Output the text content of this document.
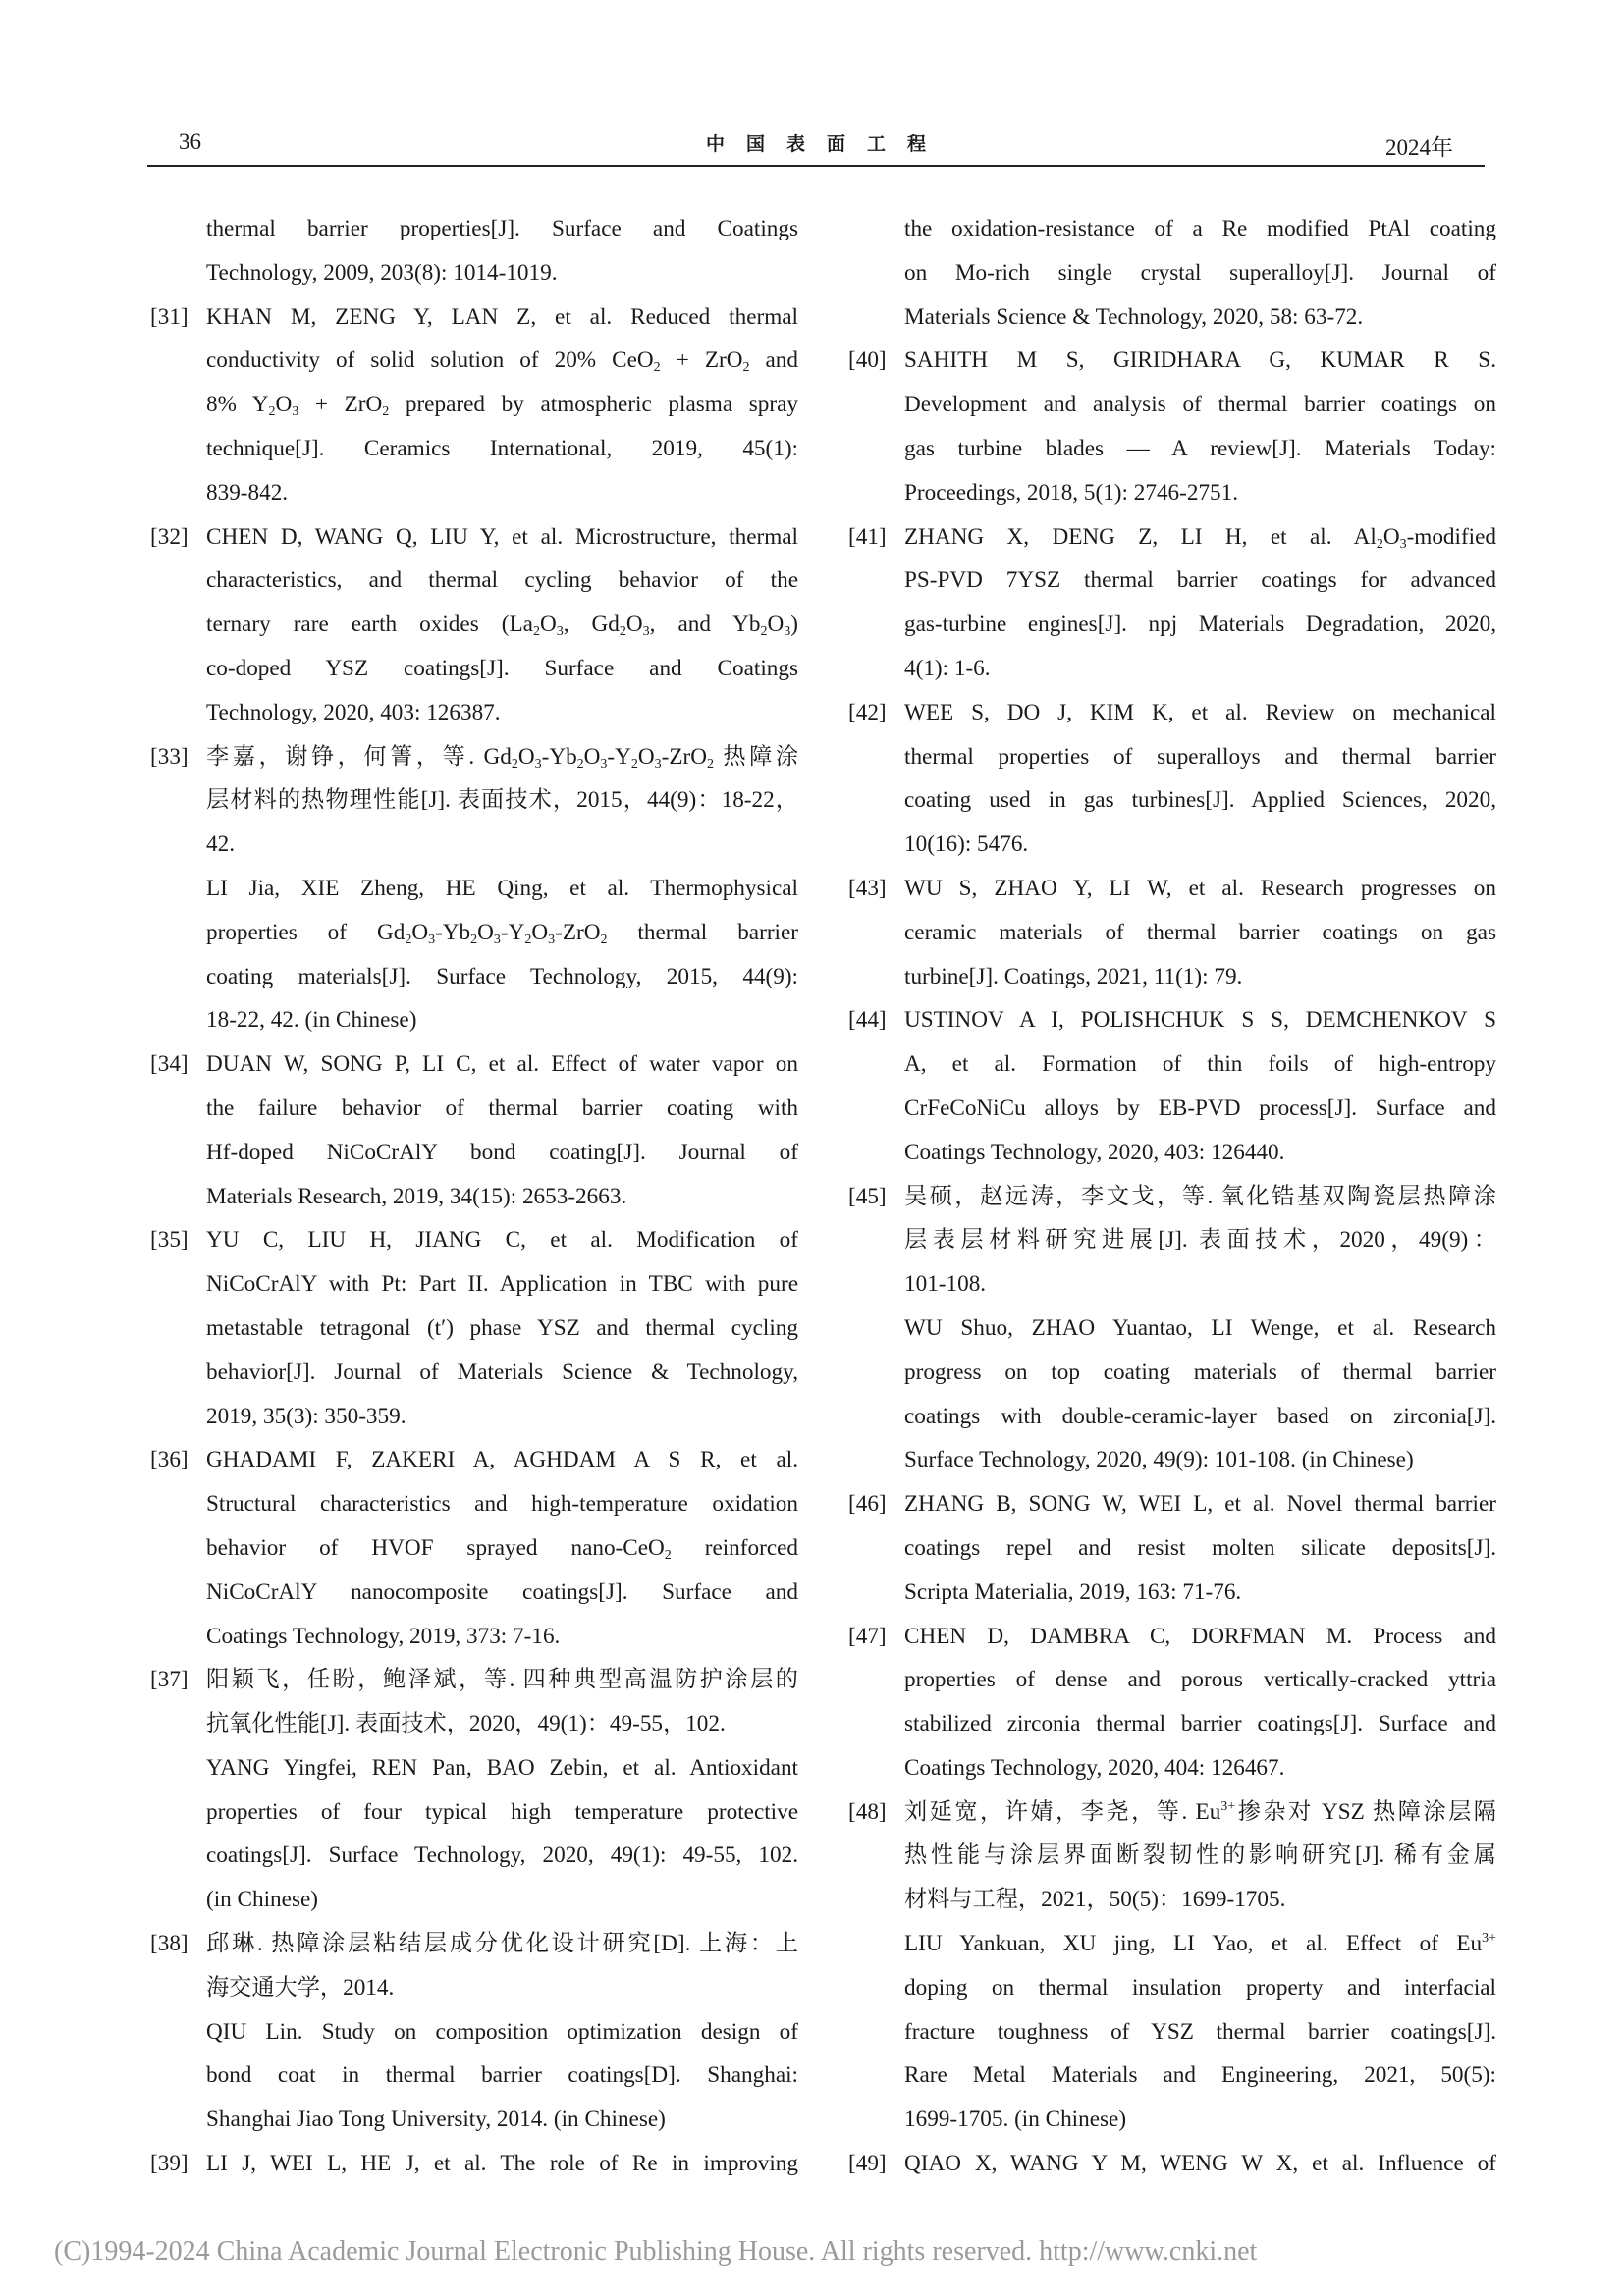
36	中国表面工程	2024年
thermal barrier properties[J]. Surface and Coatings
Technology, 2009, 203(8): 1014-1019.
[31] KHAN M, ZENG Y, LAN Z, et al. Reduced thermal
conductivity of solid solution of 20% CeO$_2$ + ZrO$_2$ and
8% $Y_2O_3 + ZrO_2$ prepared by atmospheric plasma spray
technique[J]. Ceramics International, 2019, 45(1):
839-842.
[32] CHEN D, WANG Q, LIU Y, et al. Microstructure, thermal
characteristics, and thermal cycling behavior of the
ternary rare earth oxides ($La_2O_3$, $Gd_2O_3$, and $Yb_2O_3$)
co-doped YSZ coatings[J]. Surface and Coatings
Technology, 2020, 403: 126387.
[33] 李嘉，谢铮，何箐，等. $Gd_2O_3-Yb_2O_3-Y_2O_3-ZrO_2$ 热障涂
层材料的热物理性能[J]. 表面技术，2015，44(9)：18-22，
42.
LI Jia, XIE Zheng, HE Qing, et al. Thermophysical
properties of $Gd_2O_3-Yb_2O_3-Y_2O_3-ZrO_2$ thermal barrier
coating materials[J]. Surface Technology, 2015, 44(9):
18-22, 42. (in Chinese)
[34] DUAN W, SONG P, LI C, et al. Effect of water vapor on
the failure behavior of thermal barrier coating with
Hf-doped NiCoCrAlY bond coating[J]. Journal of
Materials Research, 2019, 34(15): 2653-2663.
[35] YU C, LIU H, JIANG C, et al. Modification of
NiCoCrAlY with Pt: Part II. Application in TBC with pure
metastable tetragonal (t′) phase YSZ and thermal cycling
behavior[J]. Journal of Materials Science & Technology,
2019, 35(3): 350-359.
[36] GHADAMI F, ZAKERI A, AGHDAM A S R, et al.
Structural characteristics and high-temperature oxidation
behavior of HVOF sprayed nano-CeO$_2$ reinforced
NiCoCrAlY nanocomposite coatings[J]. Surface and
Coatings Technology, 2019, 373: 7-16.
[37] 阳颖飞，任盼，鲍泽斌，等. 四种典型高温防护涂层的
抗氧化性能[J]. 表面技术，2020，49(1)：49-55，102.
YANG Yingfei, REN Pan, BAO Zebin, et al. Antioxidant
properties of four typical high temperature protective
coatings[J]. Surface Technology, 2020, 49(1): 49-55, 102.
(in Chinese)
[38] 邱琳. 热障涂层粘结层成分优化设计研究[D]. 上海：上
海交通大学，2014.
QIU Lin. Study on composition optimization design of
bond coat in thermal barrier coatings[D]. Shanghai:
Shanghai Jiao Tong University, 2014. (in Chinese)
[39] LI J, WEI L, HE J, et al. The role of Re in improving
the oxidation-resistance of a Re modified PtAl coating
on Mo-rich single crystal superalloy[J]. Journal of
Materials Science & Technology, 2020, 58: 63-72.
[40] SAHITH M S, GIRIDHARA G, KUMAR R S.
Development and analysis of thermal barrier coatings on
gas turbine blades — A review[J]. Materials Today:
Proceedings, 2018, 5(1): 2746-2751.
[41] ZHANG X, DENG Z, LI H, et al. $Al_2O_3$-modified
PS-PVD 7YSZ thermal barrier coatings for advanced
gas-turbine engines[J]. npj Materials Degradation, 2020,
4(1): 1-6.
[42] WEE S, DO J, KIM K, et al. Review on mechanical
thermal properties of superalloys and thermal barrier
coating used in gas turbines[J]. Applied Sciences, 2020,
10(16): 5476.
[43] WU S, ZHAO Y, LI W, et al. Research progresses on
ceramic materials of thermal barrier coatings on gas
turbine[J]. Coatings, 2021, 11(1): 79.
[44] USTINOV A I, POLISHCHUK S S, DEMCHENKOV S
A, et al. Formation of thin foils of high-entropy
CrFeCoNiCu alloys by EB-PVD process[J]. Surface and
Coatings Technology, 2020, 403: 126440.
[45] 吴硕，赵远涛，李文戈，等. 氧化锆基双陶瓷层热障涂
层表层材料研究进展[J]. 表面技术，2020，49(9)：
101-108.
WU Shuo, ZHAO Yuantao, LI Wenge, et al. Research
progress on top coating materials of thermal barrier
coatings with double-ceramic-layer based on zirconia[J].
Surface Technology, 2020, 49(9): 101-108. (in Chinese)
[46] ZHANG B, SONG W, WEI L, et al. Novel thermal barrier
coatings repel and resist molten silicate deposits[J].
Scripta Materialia, 2019, 163: 71-76.
[47] CHEN D, DAMBRA C, DORFMAN M. Process and
properties of dense and porous vertically-cracked yttria
stabilized zirconia thermal barrier coatings[J]. Surface and
Coatings Technology, 2020, 404: 126467.
[48] 刘延宽，许婧，李尧，等. $Eu^{3+}$掺杂对 YSZ 热障涂层隔
热性能与涂层界面断裂韧性的影响研究[J]. 稀有金属
材料与工程，2021，50(5)：1699-1705.
LIU Yankuan, XU jing, LI Yao, et al. Effect of $Eu^{3+}$
doping on thermal insulation property and interfacial
fracture toughness of YSZ thermal barrier coatings[J].
Rare Metal Materials and Engineering, 2021, 50(5):
1699-1705. (in Chinese)
[49] QIAO X, WANG Y M, WENG W X, et al. Influence of
(C)1994-2024 China Academic Journal Electronic Publishing House. All rights reserved. http://www.cnki.net
